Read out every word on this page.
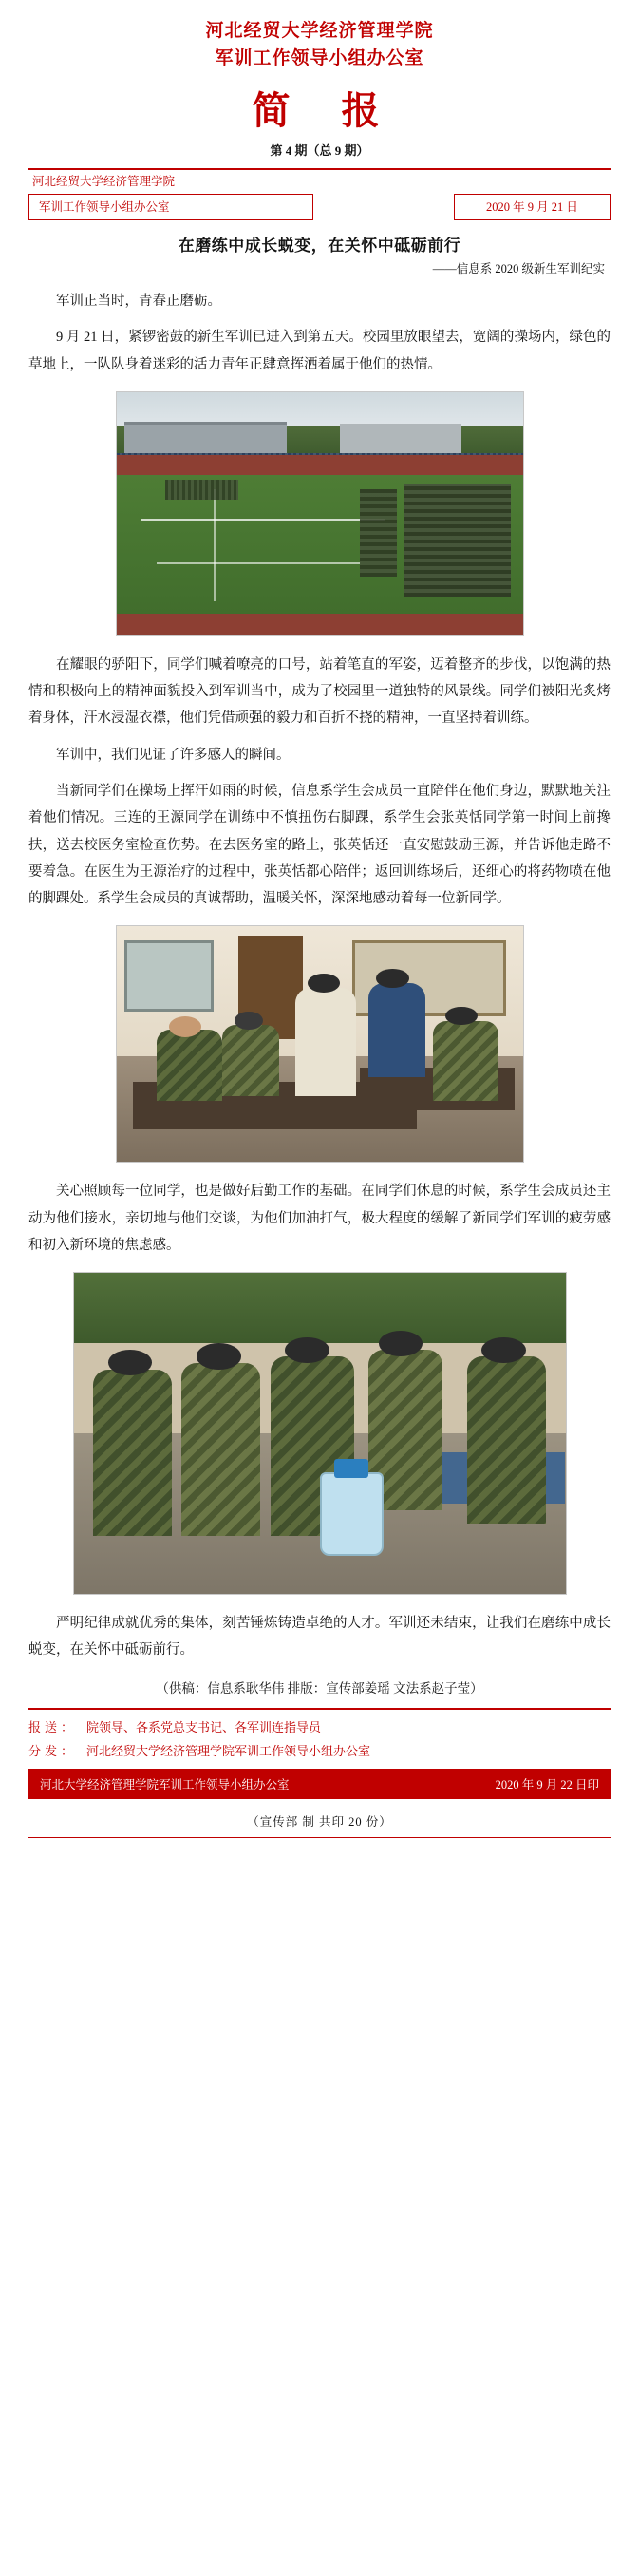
河北经贸大学经济管理学院
军训工作领导小组办公室
简 报
第 4 期（总 9 期）
河北经贸大学经济管理学院
军训工作领导小组办公室	2020 年 9 月 21 日
在磨练中成长蜕变，在关怀中砥砺前行
——信息系 2020 级新生军训纪实

军训正当时，青春正磨砺。

9 月 21 日，紧锣密鼓的新生军训已进入到第五天。校园里放眼望去，宽阔的操场内，绿色的草地上，一队队身着迷彩的活力青年正肆意挥洒着属于他们的热情。

在耀眼的骄阳下，同学们喊着嘹亮的口号，站着笔直的军姿，迈着整齐的步伐，以饱满的热情和积极向上的精神面貌投入到军训当中，成为了校园里一道独特的风景线。同学们被阳光炙烤着身体，汗水浸湿衣襟，他们凭借顽强的毅力和百折不挠的精神，一直坚持着训练。

军训中，我们见证了许多感人的瞬间。

当新同学们在操场上挥汗如雨的时候，信息系学生会成员一直陪伴在他们身边，默默地关注着他们情况。三连的王源同学在训练中不慎扭伤右脚踝，系学生会张英恬同学第一时间上前搀扶，送去校医务室检查伤势。在去医务室的路上，张英恬还一直安慰鼓励王源，并告诉他走路不要着急。在医生为王源治疗的过程中，张英恬都心陪伴；返回训练场后，还细心的将药物喷在他的脚踝处。系学生会成员的真诚帮助，温暖关怀，深深地感动着每一位新同学。

关心照顾每一位同学，也是做好后勤工作的基础。在同学们休息的时候，系学生会成员还主动为他们接水，亲切地与他们交谈，为他们加油打气，极大程度的缓解了新同学们军训的疲劳感和初入新环境的焦虑感。

严明纪律成就优秀的集体，刻苦锤炼铸造卓绝的人才。军训还未结束，让我们在磨练中成长蜕变，在关怀中砥砺前行。

（供稿：信息系耿华伟 排版：宣传部姜瑶 文法系赵子莹）
报送： 院领导、各系党总支书记、各军训连指导员
分发： 河北经贸大学经济管理学院军训工作领导小组办公室
河北大学经济管理学院军训工作领导小组办公室	2020 年 9 月 22 日印
（宣传部 制 共印 20 份）
